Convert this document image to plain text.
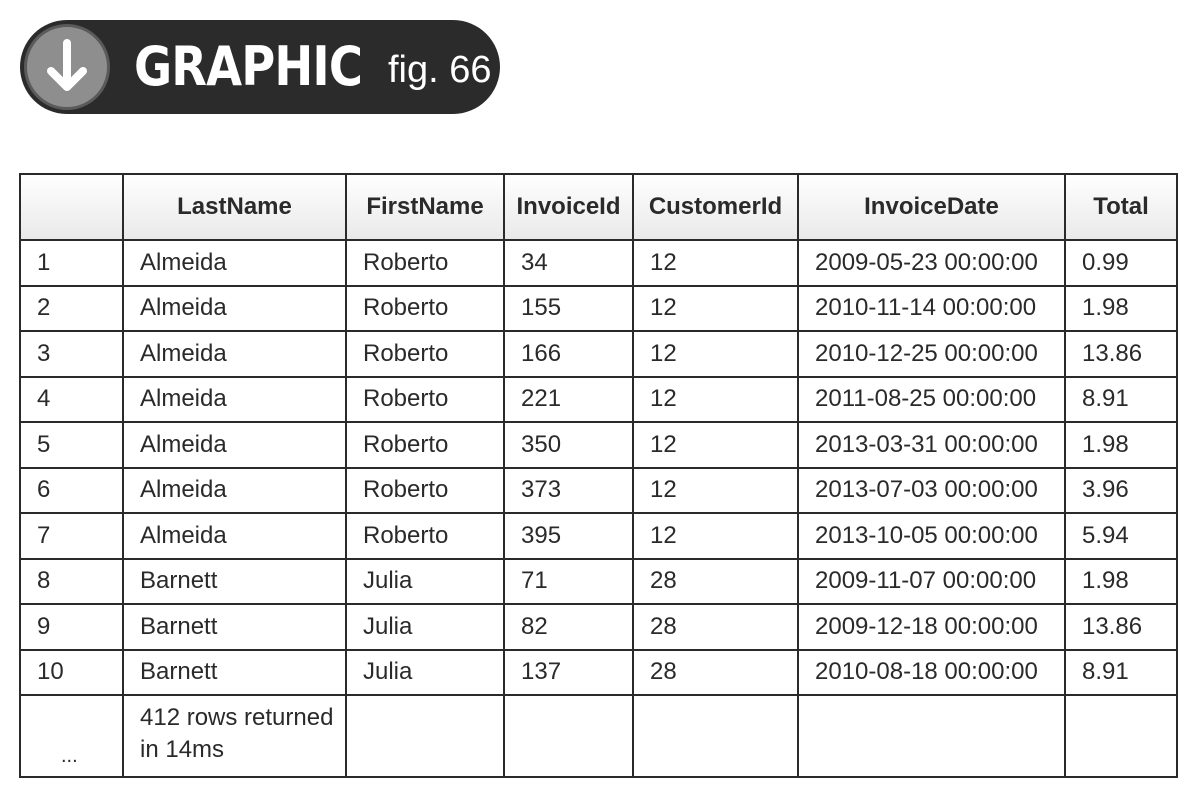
GRAPHIC fig. 66
	LastName	FirstName	InvoiceId	CustomerId	InvoiceDate	Total
1	Almeida	Roberto	34	12	2009-05-23 00:00:00	0.99
2	Almeida	Roberto	155	12	2010-11-14 00:00:00	1.98
3	Almeida	Roberto	166	12	2010-12-25 00:00:00	13.86
4	Almeida	Roberto	221	12	2011-08-25 00:00:00	8.91
5	Almeida	Roberto	350	12	2013-03-31 00:00:00	1.98
6	Almeida	Roberto	373	12	2013-07-03 00:00:00	3.96
7	Almeida	Roberto	395	12	2013-10-05 00:00:00	5.94
8	Barnett	Julia	71	28	2009-11-07 00:00:00	1.98
9	Barnett	Julia	82	28	2009-12-18 00:00:00	13.86
10	Barnett	Julia	137	28	2010-08-18 00:00:00	8.91
...	412 rows returned
in 14ms					
